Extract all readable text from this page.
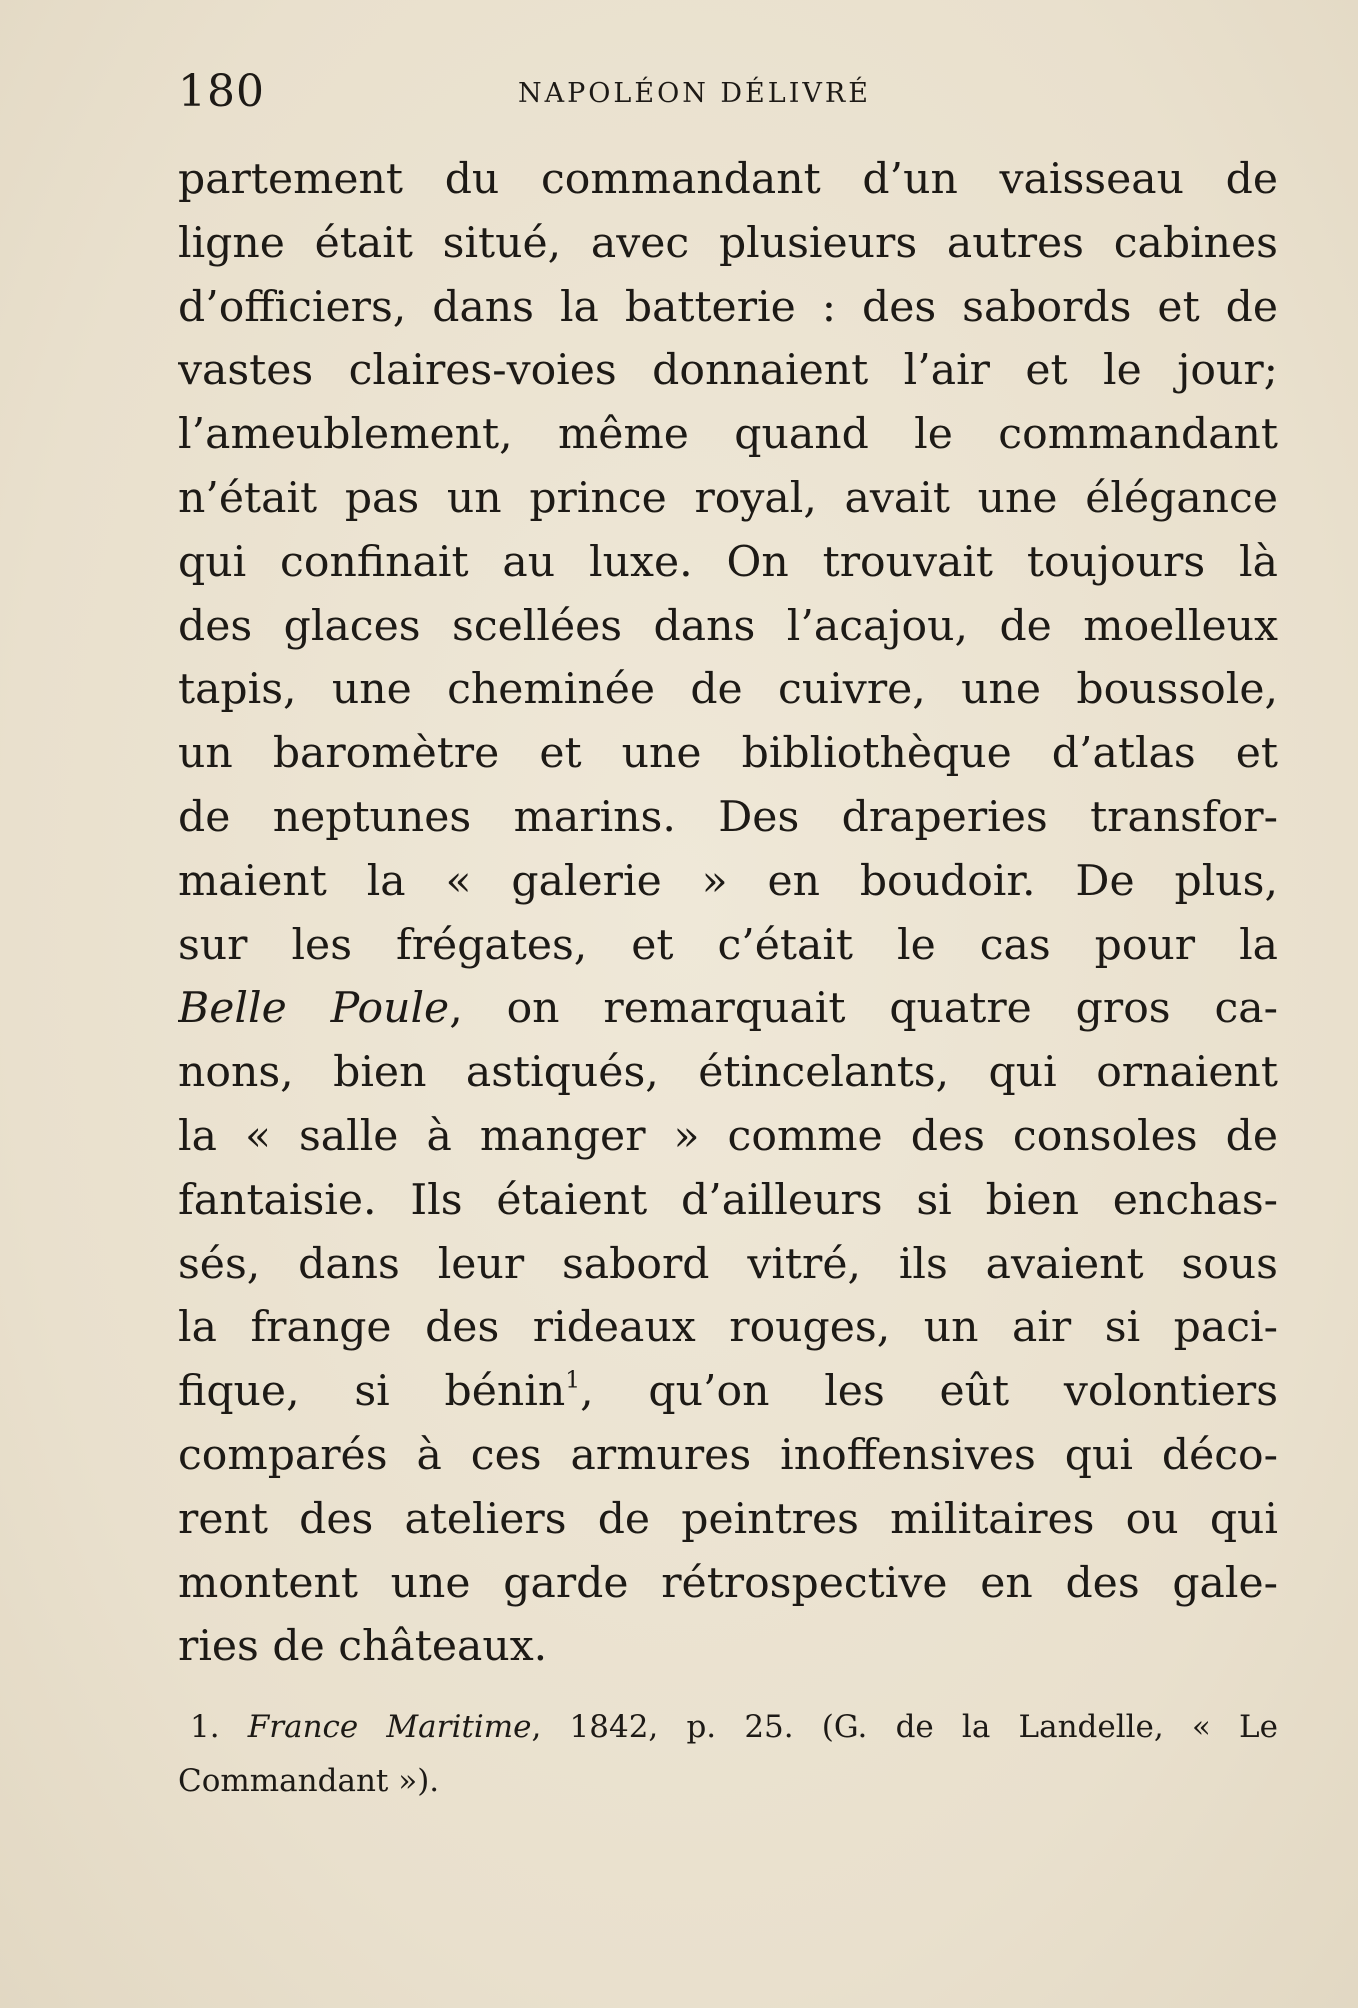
180	NAPOLÉON DÉLIVRÉ
partement du commandant d’un vaisseau de
ligne était situé, avec plusieurs autres cabines
d’officiers, dans la batterie : des sabords et de
vastes claires-voies donnaient l’air et le jour;
l’ameublement, même quand le commandant
n’était pas un prince royal, avait une élégance
qui confinait au luxe. On trouvait toujours là
des glaces scellées dans l’acajou, de moelleux
tapis, une cheminée de cuivre, une boussole,
un baromètre et une bibliothèque d’atlas et
de neptunes marins. Des draperies transfor-
maient la « galerie » en boudoir. De plus,
sur les frégates, et c’était le cas pour la
Belle Poule, on remarquait quatre gros ca-
nons, bien astiqués, étincelants, qui ornaient
la « salle à manger » comme des consoles de
fantaisie. Ils étaient d’ailleurs si bien enchas-
sés, dans leur sabord vitré, ils avaient sous
la frange des rideaux rouges, un air si paci-
fique, si bénin$^1$, qu’on les eût volontiers
comparés à ces armures inoffensives qui déco-
rent des ateliers de peintres militaires ou qui
montent une garde rétrospective en des gale-
ries de châteaux.
1. France Maritime, 1842, p. 25. (G. de la Landelle, « Le
Commandant »).
